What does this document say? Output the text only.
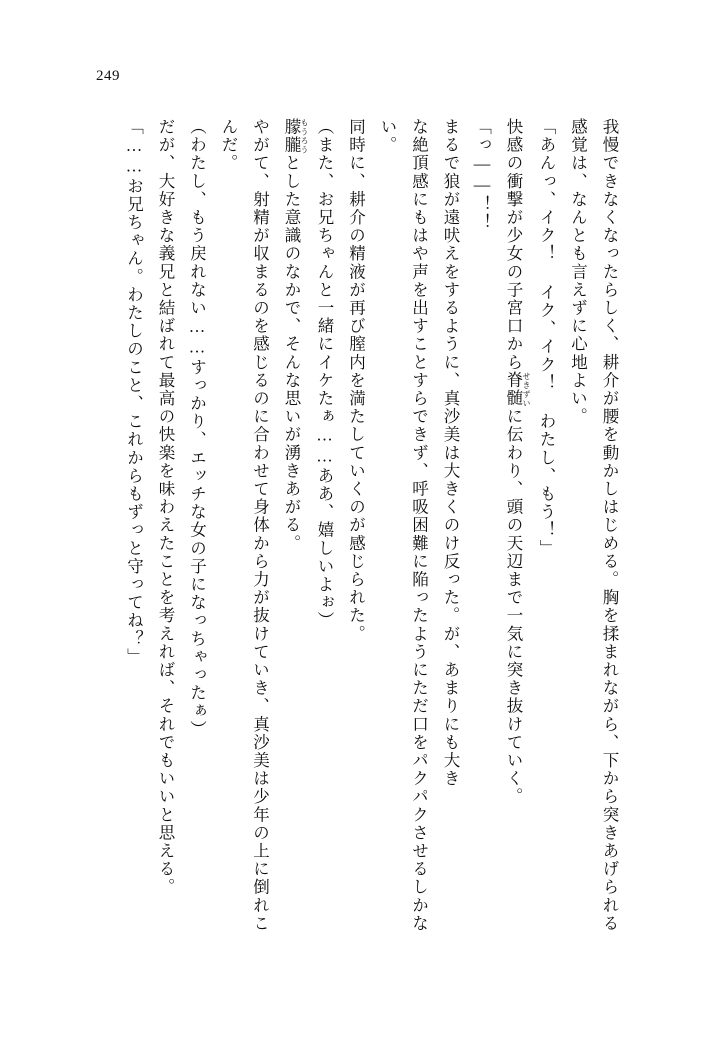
249

我慢できなくなったらしく、耕介が腰を動かしはじめる。胸を揉まれながら、下から突きあげられる感覚は、なんとも言えずに心地よい。

「あんっ、イク！ イク、イク！ わたし、もう！」

快感の衝撃が少女の子宮口から脊髄 せきずいに伝わり、頭の天辺まで一気に突き抜けていく。

「っ――！！

まるで狼が遠吠えをするように、真沙美は大きくのけ反った。が、あまりにも大き

な絶頂感にもはや声を出すことすらできず、呼吸困難に陥ったようにただ口をパクパクさせるしかない。

同時に、耕介の精液が再び膣内を満たしていくのが感じられた。

（また、お兄ちゃんと一緒にイケたぁ……ああ、嬉しいよぉ）

朦朧 もうろうとした意識のなかで、そんな思いが湧きあがる。

やがて、射精が収まるのを感じるのに合わせて身体から力が抜けていき、真沙美は少年の上に倒れこんだ。

（わたし、もう戻れない……すっかり、エッチな女の子になっちゃったぁ）

だが、大好きな義兄と結ばれて最高の快楽を味わえたことを考えれば、それでもいいと思える。

「……お兄ちゃん。わたしのこと、これからもずっと守ってね？」
